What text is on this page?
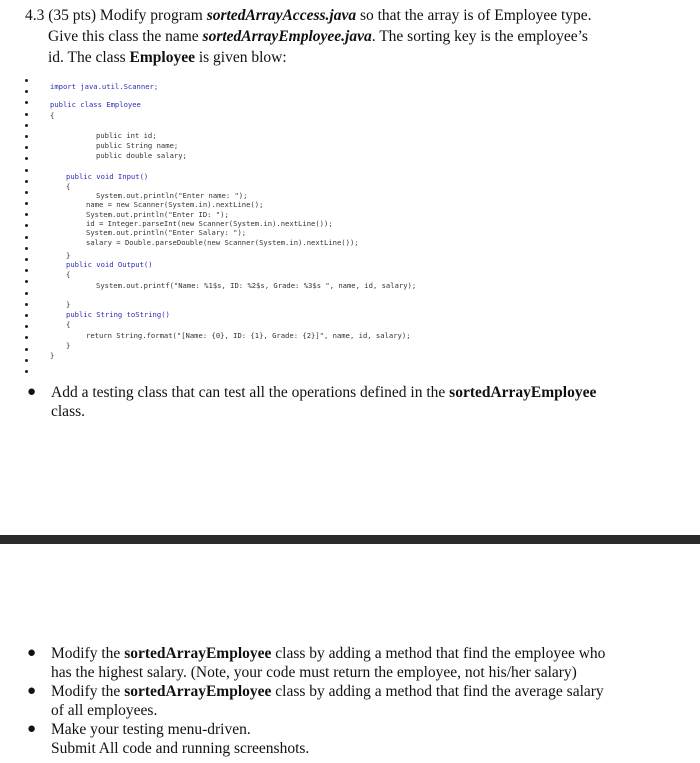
4.3 (35 pts) Modify program sortedArrayAccess.java so that the array is of Employee type.
Give this class the name sortedArrayEmployee.java. The sorting key is the employee’s
id. The class Employee is given blow:
import java.util.Scanner;
public class Employee
{
public int id;
public String name;
public double salary;
public void Input()
{
System.out.println("Enter name: ");
name = new Scanner(System.in).nextLine();
System.out.println("Enter ID: ");
id = Integer.parseInt(new Scanner(System.in).nextLine());
System.out.println("Enter Salary: ");
salary = Double.parseDouble(new Scanner(System.in).nextLine());
}
public void Output()
{
System.out.printf("Name: %1$s, ID: %2$s, Grade: %3$s ", name, id, salary);
}
public String toString()
{
return String.format("[Name: {0}, ID: {1}, Grade: {2}]", name, id, salary);
}
}
● Add a testing class that can test all the operations defined in the sortedArrayEmployee
class.
● Modify the sortedArrayEmployee class by adding a method that find the employee who
has the highest salary. (Note, your code must return the employee, not his/her salary)
● Modify the sortedArrayEmployee class by adding a method that find the average salary
of all employees.
● Make your testing menu-driven.
Submit All code and running screenshots.
